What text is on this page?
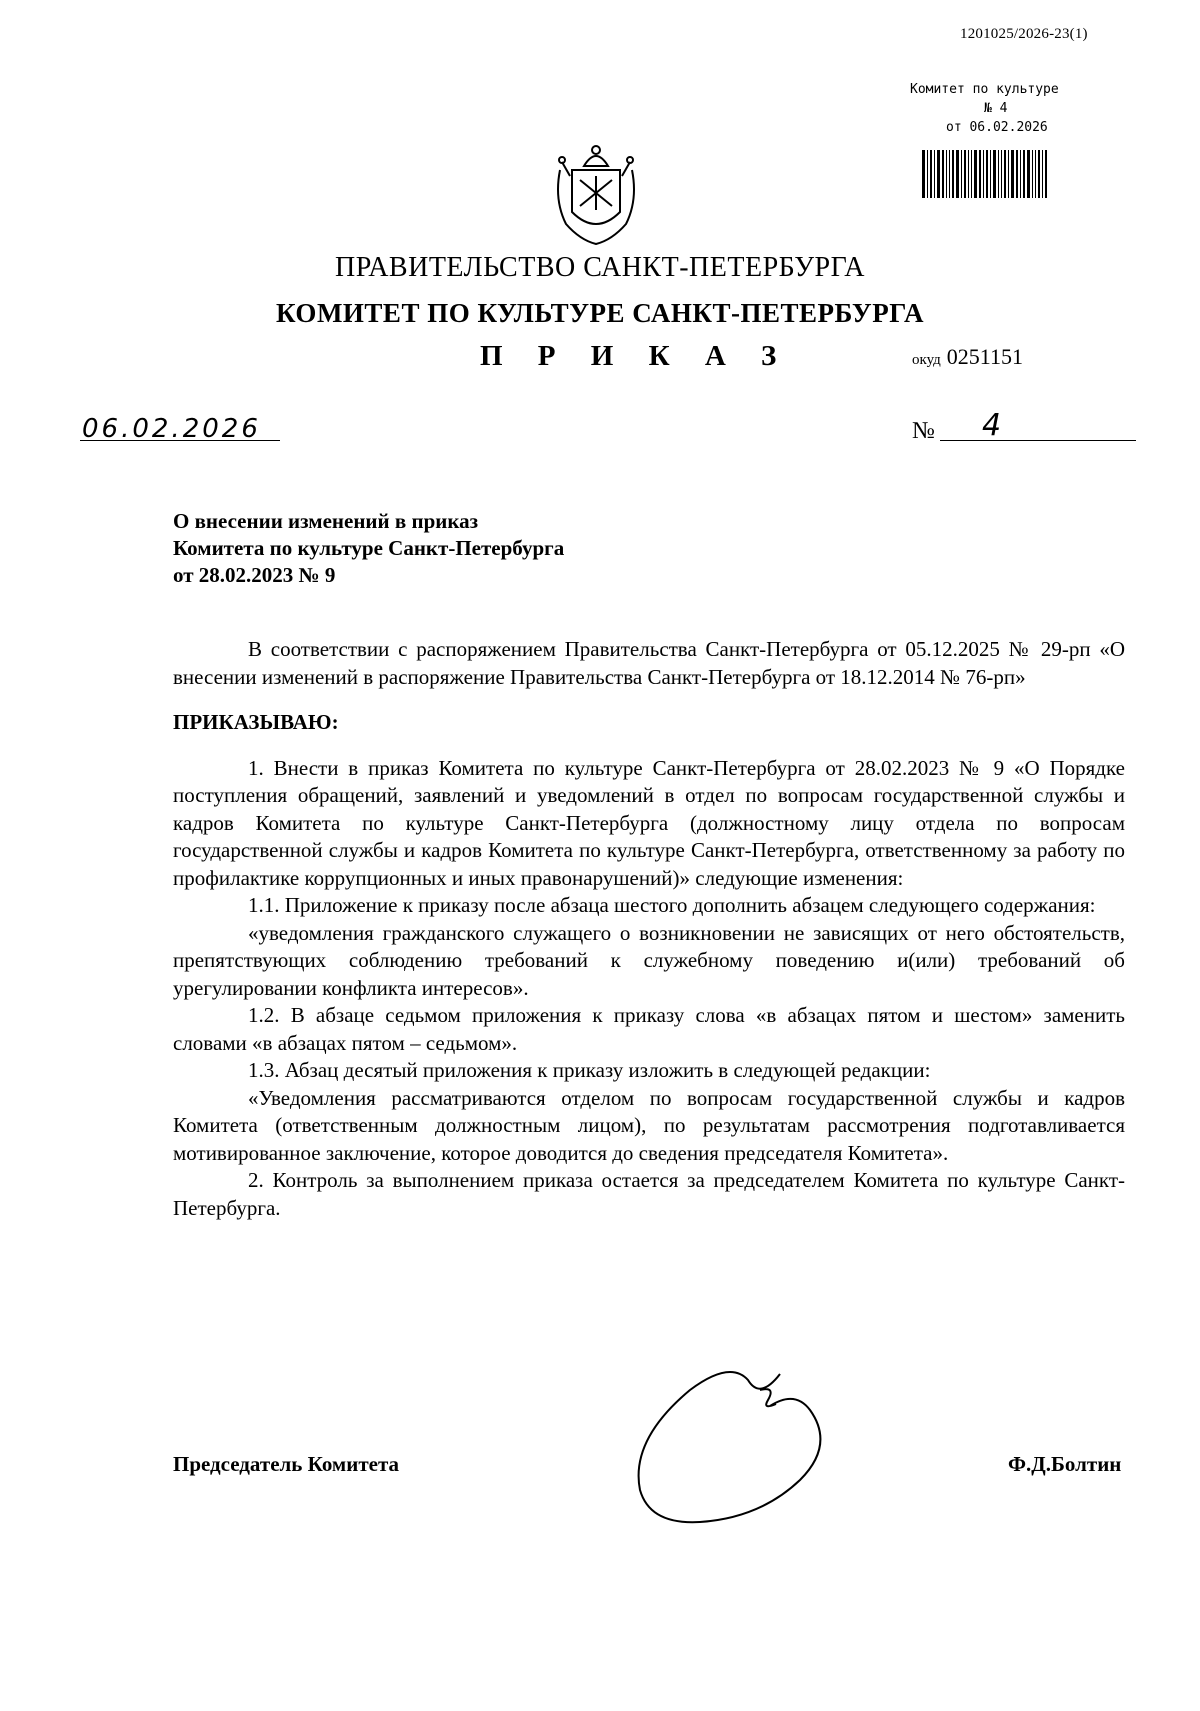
1201025/2026-23(1)
Комитет по культуре
№ 4
от 06.02.2026
ПРАВИТЕЛЬСТВО САНКТ-ПЕТЕРБУРГА
КОМИТЕТ ПО КУЛЬТУРЕ САНКТ-ПЕТЕРБУРГА
П Р И К А З	окуд 0251151
06.02.2026	№ 4
О внесении изменений в приказ
Комитета по культуре Санкт-Петербурга
от 28.02.2023 № 9

В соответствии с распоряжением Правительства Санкт-Петербурга от 05.12.2025 № 29-рп «О внесении изменений в распоряжение Правительства Санкт-Петербурга от 18.12.2014 № 76-рп»

ПРИКАЗЫВАЮ:

1. Внести в приказ Комитета по культуре Санкт-Петербурга от 28.02.2023 № 9 «О Порядке поступления обращений, заявлений и уведомлений в отдел по вопросам государственной службы и кадров Комитета по культуре Санкт-Петербурга (должностному лицу отдела по вопросам государственной службы и кадров Комитета по культуре Санкт-Петербурга, ответственному за работу по профилактике коррупционных и иных правонарушений)» следующие изменения:

1.1. Приложение к приказу после абзаца шестого дополнить абзацем следующего содержания:

«уведомления гражданского служащего о возникновении не зависящих от него обстоятельств, препятствующих соблюдению требований к служебному поведению и(или) требований об урегулировании конфликта интересов».

1.2. В абзаце седьмом приложения к приказу слова «в абзацах пятом и шестом» заменить словами «в абзацах пятом – седьмом».

1.3. Абзац десятый приложения к приказу изложить в следующей редакции:

«Уведомления рассматриваются отделом по вопросам государственной службы и кадров Комитета (ответственным должностным лицом), по результатам рассмотрения подготавливается мотивированное заключение, которое доводится до сведения председателя Комитета».

2. Контроль за выполнением приказа остается за председателем Комитета по культуре Санкт-Петербурга.

Председатель Комитета	Ф.Д.Болтин
